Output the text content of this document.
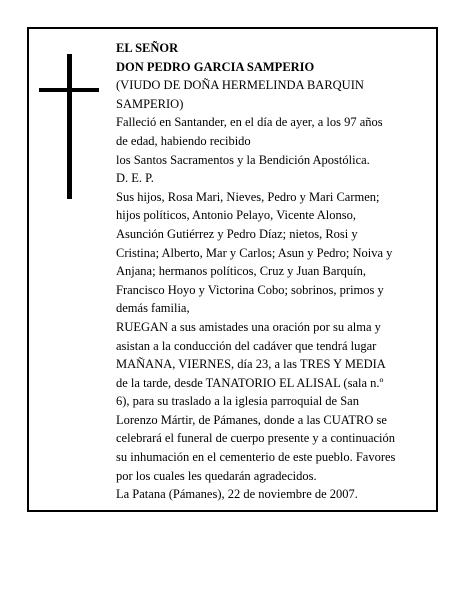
EL SEÑOR
DON PEDRO GARCIA SAMPERIO
(VIUDO DE DOÑA HERMELINDA BARQUIN
SAMPERIO)
Falleció en Santander, en el día de ayer, a los 97 años
de edad, habiendo recibido
los Santos Sacramentos y la Bendición Apostólica.
D. E. P.
Sus hijos, Rosa Mari, Nieves, Pedro y Mari Carmen;
hijos políticos, Antonio Pelayo, Vicente Alonso,
Asunción Gutiérrez y Pedro Díaz; nietos, Rosi y
Cristina; Alberto, Mar y Carlos; Asun y Pedro; Noiva y
Anjana; hermanos políticos, Cruz y Juan Barquín,
Francisco Hoyo y Victorina Cobo; sobrinos, primos y
demás familia,
RUEGAN a sus amistades una oración por su alma y
asistan a la conducción del cadáver que tendrá lugar
MAÑANA, VIERNES, día 23, a las TRES Y MEDIA
de la tarde, desde TANATORIO EL ALISAL (sala n.º
6), para su traslado a la iglesia parroquial de San
Lorenzo Mártir, de Pámanes, donde a las CUATRO se
celebrará el funeral de cuerpo presente y a continuación
su inhumación en el cementerio de este pueblo. Favores
por los cuales les quedarán agradecidos.
La Patana (Pámanes), 22 de noviembre de 2007.
